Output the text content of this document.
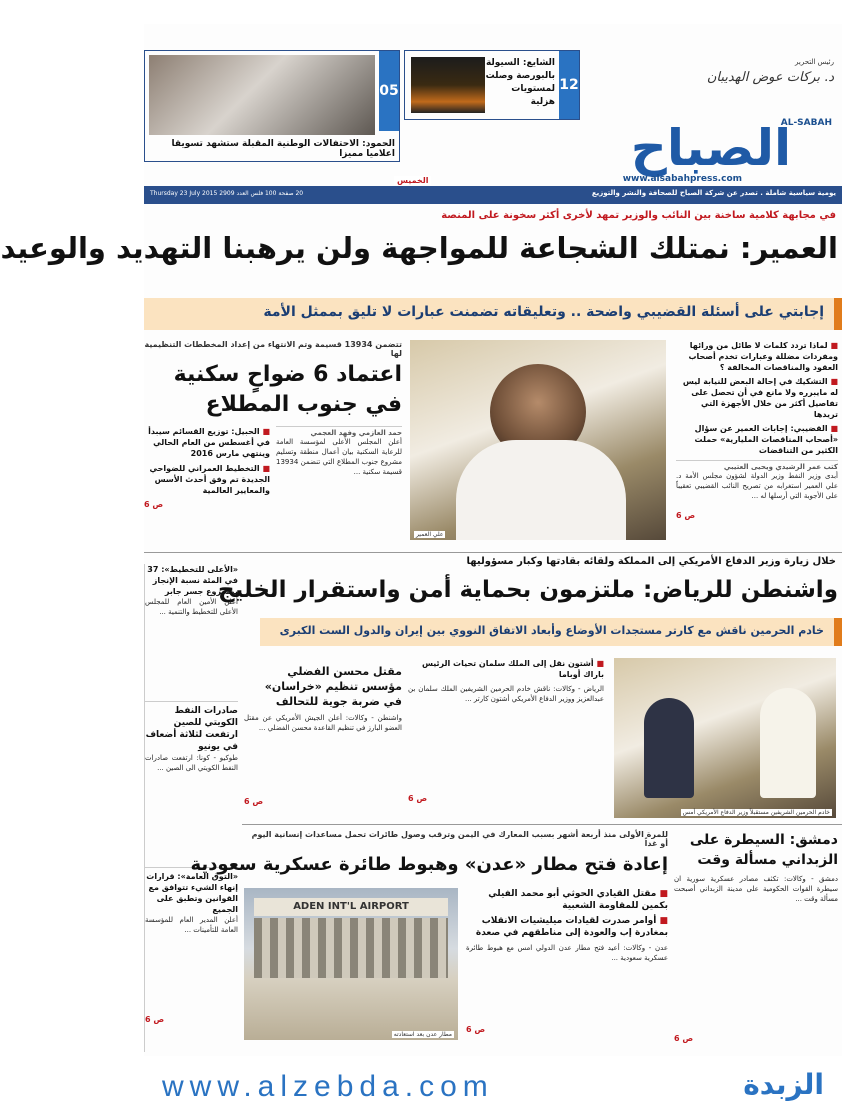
رئيس التحرير
د. بركات عوض الهديبان
AL-SABAH
الصباح
www.alsabahpress.com
12
الشايع: السيولة بالبورصة وصلت لمستويات هزلية
05
الحمود: الاحتفالات الوطنية المقبلة ستشهد تسويقا اعلاميا مميزا
يومية سياسية شاملة . تصدر عن شركة الصباح للصحافة والنشر والتوزيع
20 صفحة 100 فلس العدد 2909 Thursday 23 July 2015
الخميس
في مجابهة كلامية ساخنة بين النائب والوزير تمهد لأخرى أكثر سخونة على المنصة
العمير: نمتلك الشجاعة للمواجهة ولن يرهبنا التهديد والوعيد
إجابتي على أسئلة القضيبي واضحة .. وتعليقاته تضمنت عبارات لا تليق بممثل الأمة
■ لماذا تردد كلمات لا طائل من ورائها ومفردات مضللة وعبارات تخدم أصحاب العقود والمناقصات المخالفة ؟
■ التشكيك في إحالة البعض للنيابة ليس له مايبرره ولا مانع في أن تحصل على تفاصيل أكثر من خلال الأجهزة التي تريدها
■ القضيبي: إجابات العمير عن سؤال «أصحاب المناقصات المليارية» حملت الكثير من التناقضات
كتب عمر الرشيدي ويحيى العتيبي
أبدى وزير النفط وزير الدولة لشؤون مجلس الأمة د. علي العمير استغرابه من تصريح النائب القضيبي تعقيباً على الأجوبة التي أرسلها له ...
ص 6
علي العمير
تتضمن 13934 قسيمة وتم الانتهاء من إعداد المخططات التنظيمية لها
اعتماد 6 ضواحٍ سكنية في جنوب المطلاع
حمد العازمي وفهد العجمي
أعلن المجلس الأعلى لمؤسسة العامة للرعاية السكنية بيان أعمال منطقة وتسليم مشروع جنوب المطلاع التي تنضمن 13934 قسيمة سكنية ...
■ الحبيل: توزيع القسائم سيبدأ في أغسطس من العام الحالي وينتهي مارس 2016
■ التخطيط العمراني للضواحي الجديدة تم وفق أحدث الأسس والمعايير العالمية
ص 6
خلال زيارة وزير الدفاع الأمريكي إلى المملكة ولقائه بقادتها وكبار مسؤوليها
واشنطن للرياض: ملتزمون بحماية أمن واستقرار الخليج
خادم الحرمين ناقش مع كارتر مستجدات الأوضاع وأبعاد الاتفاق النووي بين إيران والدول الست الكبرى
خادم الحرمين الشريفين مستقبلاً وزير الدفاع الأمريكي أمس
■ أشتون نقل إلى الملك سلمان تحيات الرئيس باراك أوباما
الرياض - وكالات: ناقش خادم الحرمين الشريفين الملك سلمان بن عبدالعزيز ووزير الدفاع الأمريكي أشتون كارتر ...
ص 6
مقتل محسن الفضلي مؤسس تنظيم «خراسان» في ضربة جوية للتحالف
واشنطن - وكالات: أعلن الجيش الأمريكي عن مقتل العضو البارز في تنظيم القاعدة محسن الفضلي ...
ص 6
«الأعلى للتخطيط»: 37 في المئة نسبة الإنجاز بمشروع جسر جابر
أعلن الأمين العام للمجلس الأعلى للتخطيط والتنمية ...
صادرات النفط الكويتي للصين ارتفعت لثلاثة أضعاف في يونيو
طوكيو - كونا: ارتفعت صادرات النفط الكويتي الى الصين ...
«التوق العامة»: قرارات إنهاء الشيء تتوافق مع القوانين وتطبق على الجميع
أعلن المدير العام للمؤسسة العامة للتأمينات ...
ص 6
للمرة الأولى منذ أربعة أشهر بسبب المعارك في اليمن وترقب وصول طائرات تحمل مساعدات إنسانية اليوم أو غداً
إعادة فتح مطار «عدن» وهبوط طائرة عسكرية سعودية
ADEN INT'L AIRPORT
مطار عدن بعد استعادته
■ مقتل القيادي الحوثي أبو محمد الفيلي بكمين للمقاومة الشعبية
■ أوامر صدرت لقيادات ميليشيات الانقلاب بمغادرة إب والعودة إلى مناطقهم في صعدة
عدن - وكالات: أعيد فتح مطار عدن الدولي امس مع هبوط طائرة عسكرية سعودية ...
ص 6
دمشق: السيطرة على الزبداني مسألة وقت
دمشق - وكالات: تكثف مصادر عسكرية سورية ان سيطرة القوات الحكومية على مدينة الزبداني أصبحت مسألة وقت ...
ص 6
www.alzebda.com	الزبدة
